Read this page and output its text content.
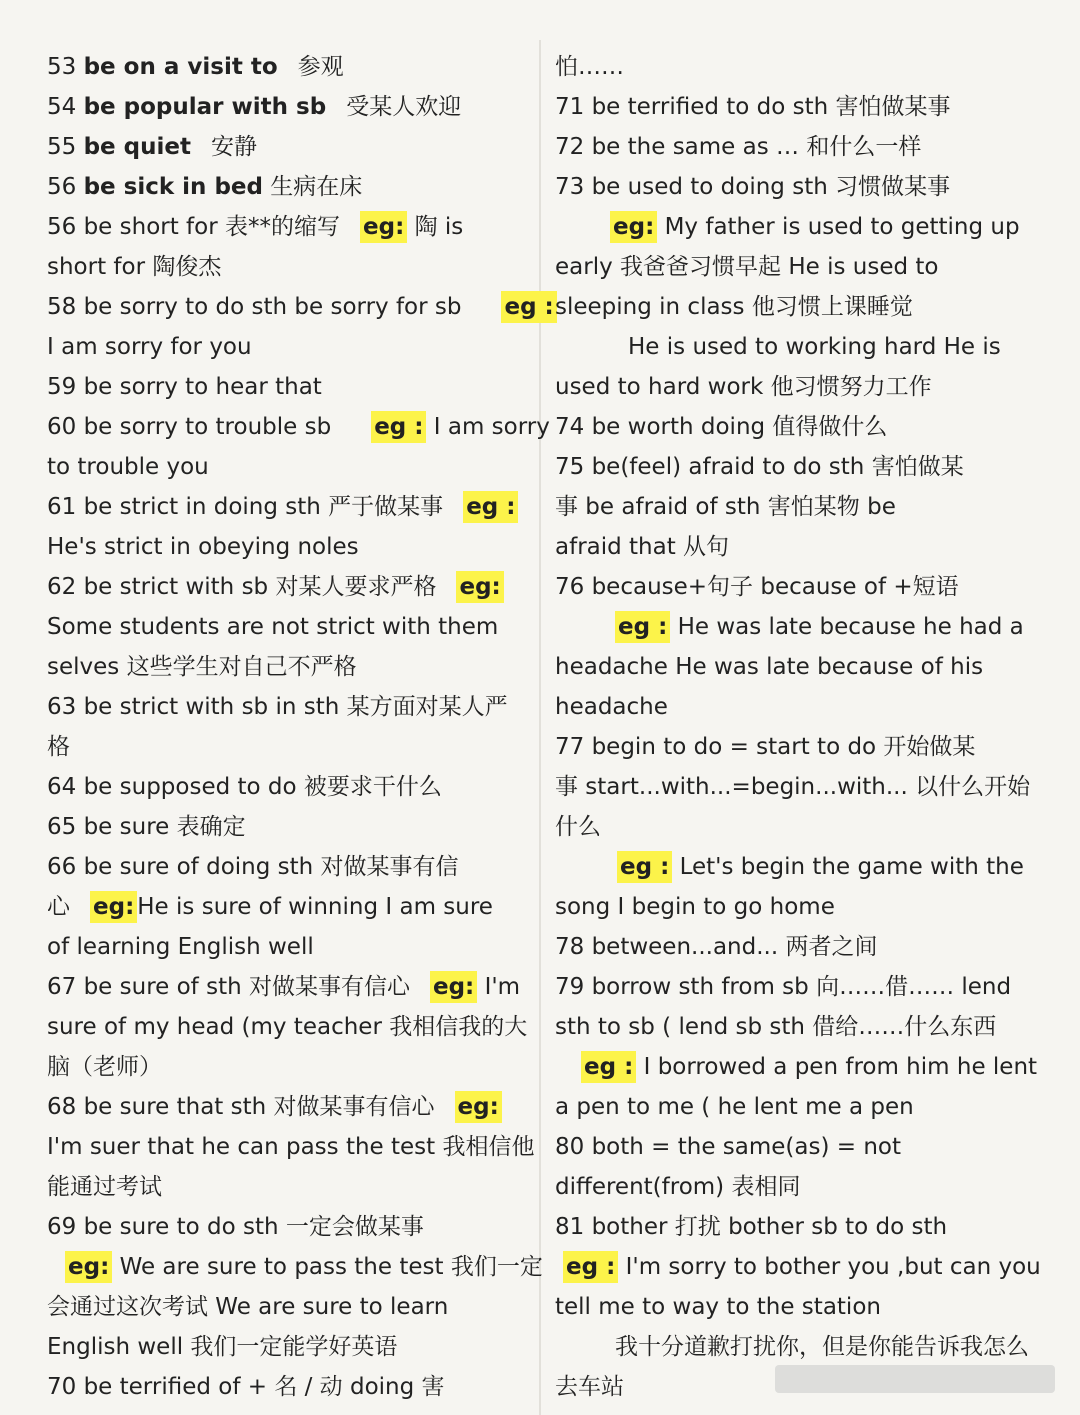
53 be on a visit to 参观
54 be popular with sb 受某人欢迎
55 be quiet 安静
56 be sick in bed 生病在床
56 be short for 表**的缩写 eg: 陶 is
short for 陶俊杰
58 be sorry to do sth be sorry for sb eg :
I am sorry for you
59 be sorry to hear that
60 be sorry to trouble sb eg : I am sorry
to trouble you
61 be strict in doing sth 严于做某事 eg :
He's strict in obeying noles
62 be strict with sb 对某人要求严格 eg:
Some students are not strict with them
selves 这些学生对自己不严格
63 be strict with sb in sth 某方面对某人严
格
64 be supposed to do 被要求干什么
65 be sure 表确定
66 be sure of doing sth 对做某事有信
心 eg: He is sure of winning I am sure
of learning English well
67 be sure of sth 对做某事有信心 eg: I'm
sure of my head (my teacher 我相信我的大
脑（老师）
68 be sure that sth 对做某事有信心 eg:
I'm suer that he can pass the test 我相信他
能通过考试
69 be sure to do sth 一定会做某事
eg: We are sure to pass the test 我们一定
会通过这次考试 We are sure to learn
English well 我们一定能学好英语
70 be terrified of + 名 / 动 doing 害
怕……
71 be terrified to do sth 害怕做某事
72 be the same as … 和什么一样
73 be used to doing sth 习惯做某事
eg: My father is used to getting up
early 我爸爸习惯早起 He is used to
sleeping in class 他习惯上课睡觉
He is used to working hard He is
used to hard work 他习惯努力工作
74 be worth doing 值得做什么
75 be(feel) afraid to do sth 害怕做某
事 be afraid of sth 害怕某物 be
afraid that 从句
76 because+句子 because of +短语
eg : He was late because he had a
headache He was late because of his
headache
77 begin to do = start to do 开始做某
事 start...with...=begin...with... 以什么开始
什么
eg : Let's begin the game with the
song I begin to go home
78 between...and... 两者之间
79 borrow sth from sb 向……借…… lend
sth to sb ( lend sb sth 借给……什么东西
eg : I borrowed a pen from him he lent
a pen to me ( he lent me a pen
80 both = the same(as) = not
different(from) 表相同
81 bother 打扰 bother sb to do sth
eg : I'm sorry to bother you ,but can you
tell me to way to the station
我十分道歉打扰你，但是你能告诉我怎么
去车站
